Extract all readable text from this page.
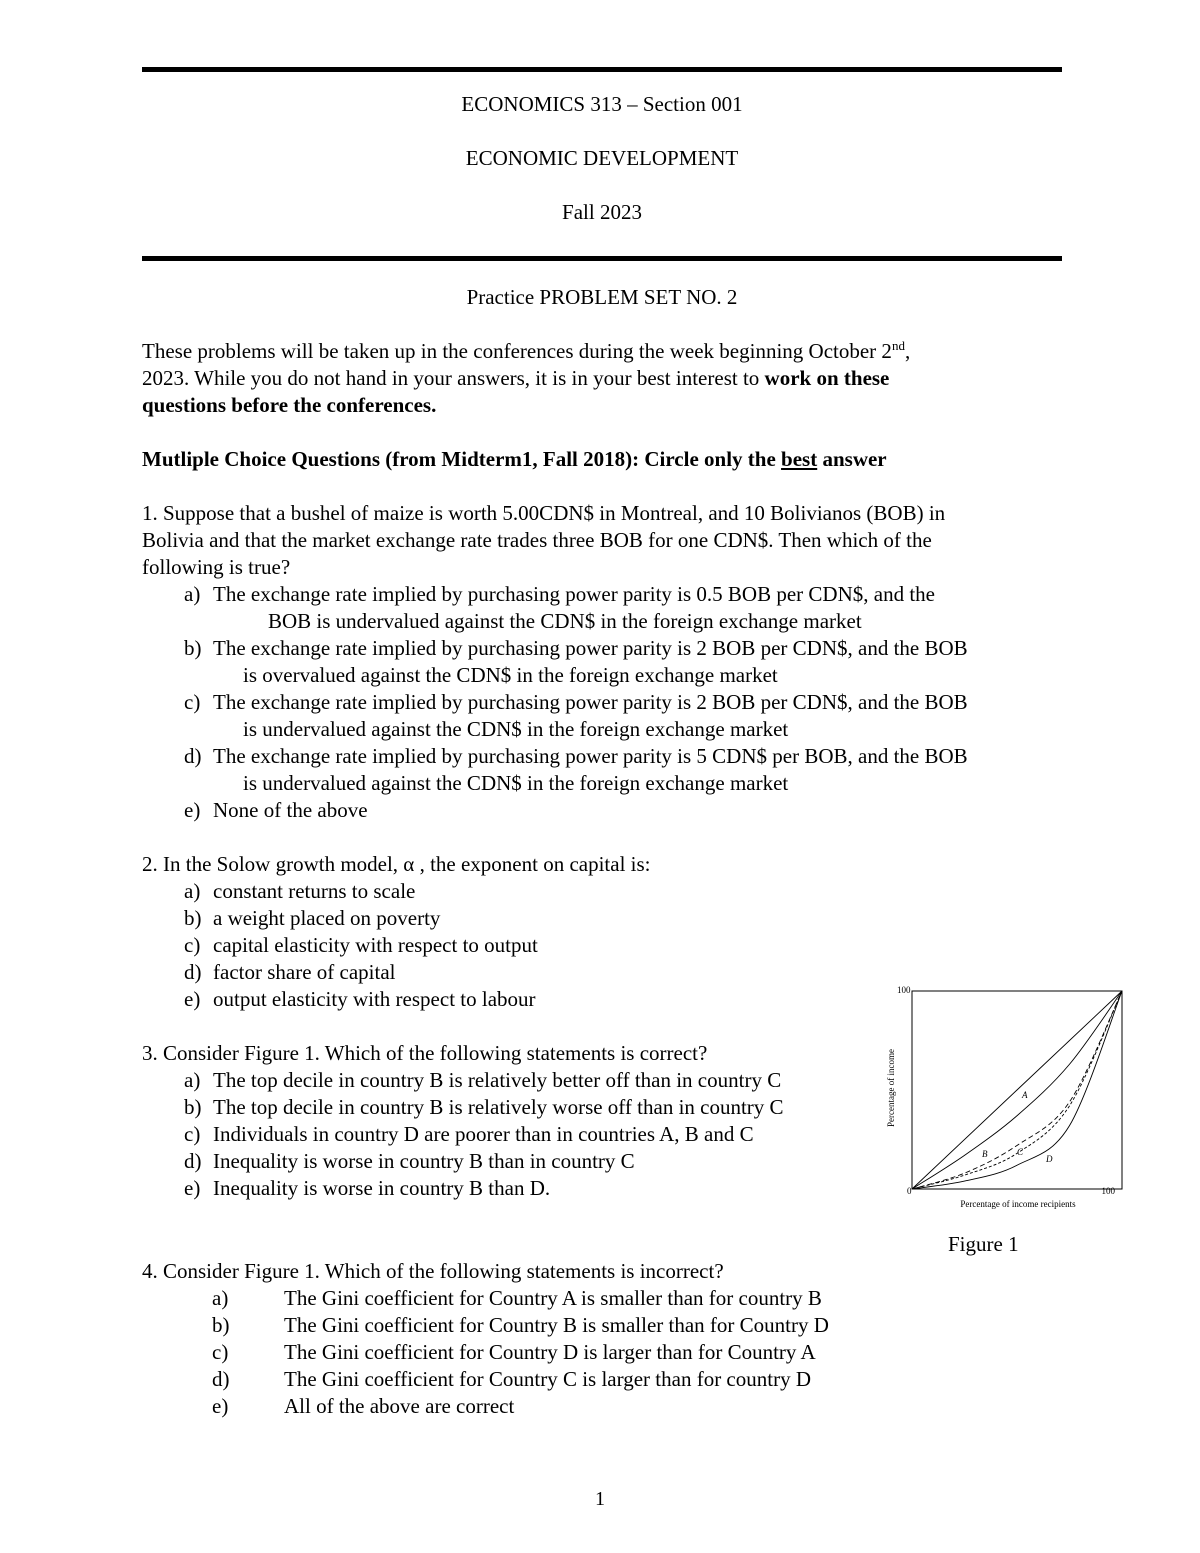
ECONOMICS 313 – Section 001
ECONOMIC DEVELOPMENT
Fall 2023
Practice PROBLEM SET NO. 2
These problems will be taken up in the conferences during the week beginning October 2nd,
2023. While you do not hand in your answers, it is in your best interest to work on these
questions before the conferences.
Mutliple Choice Questions (from Midterm1, Fall 2018): Circle only the best answer
1. Suppose that a bushel of maize is worth 5.00CDN$ in Montreal, and 10 Bolivianos (BOB) in
Bolivia and that the market exchange rate trades three BOB for one CDN$. Then which of the
following is true?
a) The exchange rate implied by purchasing power parity is 0.5 BOB per CDN$, and the
BOB is undervalued against the CDN$ in the foreign exchange market
b) The exchange rate implied by purchasing power parity is 2 BOB per CDN$, and the BOB
is overvalued against the CDN$ in the foreign exchange market
c) The exchange rate implied by purchasing power parity is 2 BOB per CDN$, and the BOB
is undervalued against the CDN$ in the foreign exchange market
d) The exchange rate implied by purchasing power parity is 5 CDN$ per BOB, and the BOB
is undervalued against the CDN$ in the foreign exchange market
e) None of the above
2. In the Solow growth model, α , the exponent on capital is:
a) constant returns to scale
b) a weight placed on poverty
c) capital elasticity with respect to output
d) factor share of capital
e) output elasticity with respect to labour
3. Consider Figure 1. Which of the following statements is correct?
a) The top decile in country B is relatively better off than in country C
b) The top decile in country B is relatively worse off than in country C
c) Individuals in country D are poorer than in countries A, B and C
d) Inequality is worse in country B than in country C
e) Inequality is worse in country B than D.
100
0	100
Percentage of income recipients
Percentage of income	A
B	C
D
Figure 1
4. Consider Figure 1. Which of the following statements is incorrect?
a)	The Gini coefficient for Country A is smaller than for country B
b)	The Gini coefficient for Country B is smaller than for Country D
c)	The Gini coefficient for Country D is larger than for Country A
d)	The Gini coefficient for Country C is larger than for country D
e)	All of the above are correct
1
